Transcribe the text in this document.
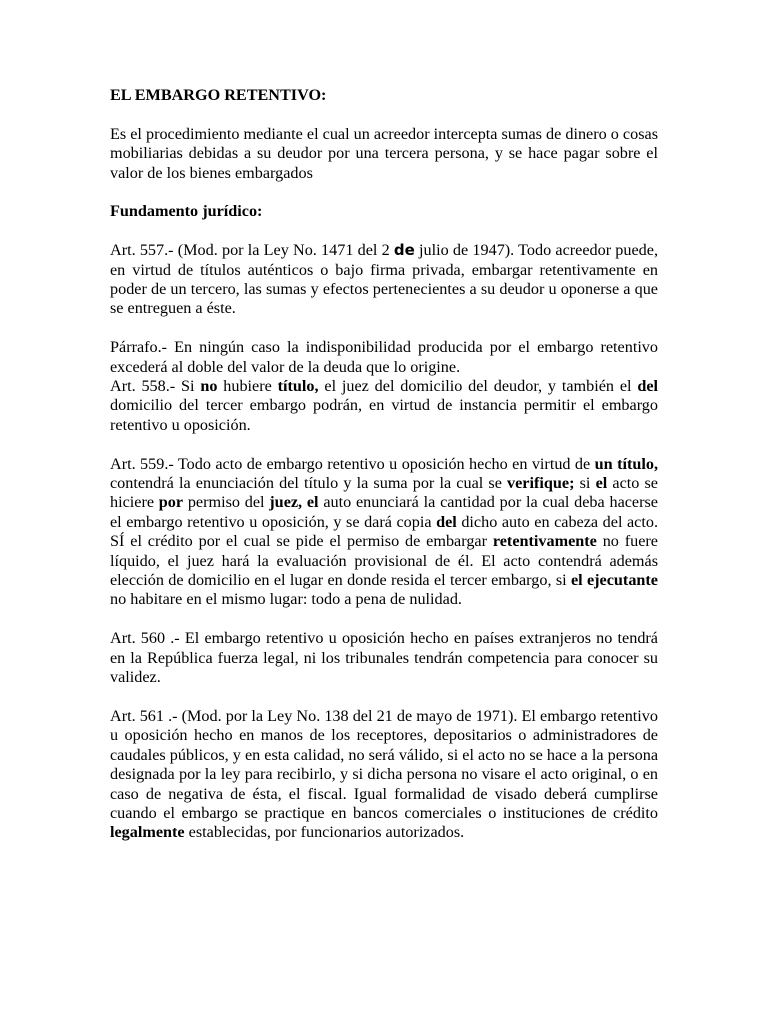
EL EMBARGO RETENTIVO:

Es el procedimiento mediante el cual un acreedor intercepta sumas de dinero o cosas mobiliarias debidas a su deudor por una tercera persona, y se hace pagar sobre el valor de los bienes embargados

Fundamento jurídico:

Art. 557.- (Mod. por la Ley No. 1471 del 2 de julio de 1947). Todo acreedor puede, en virtud de títulos auténticos o bajo firma privada, embargar retentivamente en poder de un tercero, las sumas y efectos pertenecientes a su deudor u oponerse a que se entreguen a éste.

Párrafo.- En ningún caso la indisponibilidad producida por el embargo retentivo excederá al doble del valor de la deuda que lo origine.

Art. 558.- Si no hubiere título, el juez del domicilio del deudor, y también el del domicilio del tercer embargo podrán, en virtud de instancia permitir el embargo retentivo u oposición.

Art. 559.- Todo acto de embargo retentivo u oposición hecho en virtud de un título, contendrá la enunciación del título y la suma por la cual se verifique; si el acto se hiciere por permiso del juez, el auto enunciará la cantidad por la cual deba hacerse el embargo retentivo u oposición, y se dará copia del dicho auto en cabeza del acto. SÍ el crédito por el cual se pide el permiso de embargar retentivamente no fuere líquido, el juez hará la evaluación provisional de él. El acto contendrá además elección de domicilio en el lugar en donde resida el tercer embargo, si el ejecutante no habitare en el mismo lugar: todo a pena de nulidad.

Art. 560 .- El embargo retentivo u oposición hecho en países extranjeros no tendrá en la República fuerza legal, ni los tribunales tendrán competencia para conocer su validez.

Art. 561 .- (Mod. por la Ley No. 138 del 21 de mayo de 1971). El embargo retentivo u oposición hecho en manos de los receptores, depositarios o administradores de caudales públicos, y en esta calidad, no será válido, si el acto no se hace a la persona designada por la ley para recibirlo, y si dicha persona no visare el acto original, o en caso de negativa de ésta, el fiscal. Igual formalidad de visado deberá cumplirse cuando el embargo se practique en bancos comerciales o instituciones de crédito legalmente establecidas, por funcionarios autorizados.
